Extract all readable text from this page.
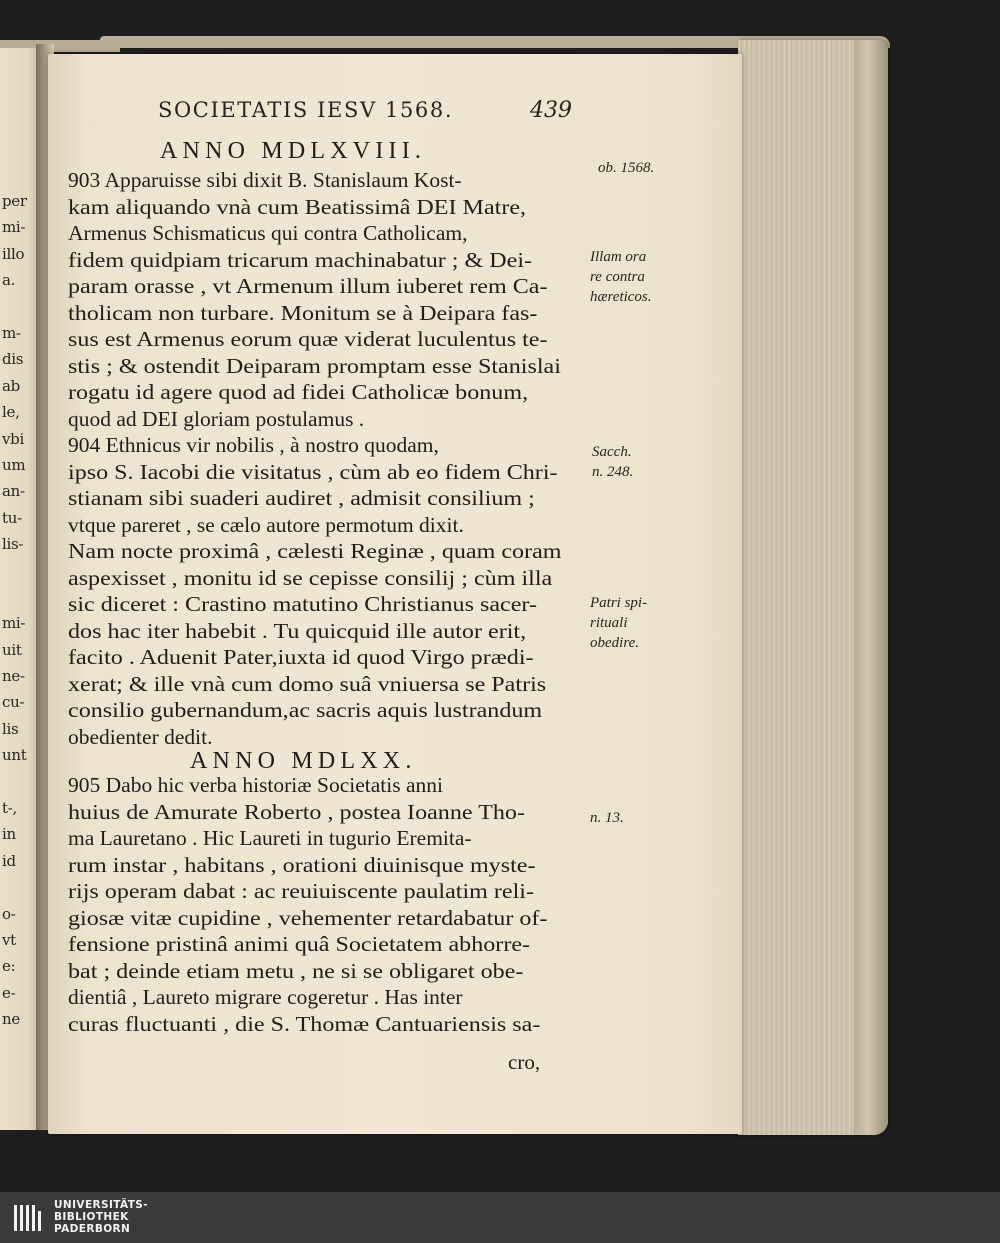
per
mi-
illo
a.
m-
dis
ab
le,
vbi
um
an-
tu-
lis-
mi-
uit
ne-
cu-
lis
unt
t-,
in
id
o-
vt
e:
e-
ne
SOCIETATIS IESV 1568.	439
ANNO MDLXVIII.
903 Apparuisse sibi dixit B. Stanislaum Kost-
kam aliquando vnà cum Beatissimâ DEI Matre,
Armenus Schismaticus qui contra Catholicam,
fidem quidpiam tricarum machinabatur ; & Dei-
param orasse , vt Armenum illum iuberet rem Ca-
tholicam non turbare. Monitum se à Deipara fas-
sus est Armenus eorum quæ viderat luculentus te-
stis ; & ostendit Deiparam promptam esse Stanislai
rogatu id agere quod ad fidei Catholicæ bonum,
quod ad DEI gloriam postulamus .
904 Ethnicus vir nobilis , à nostro quodam,
ipso S. Iacobi die visitatus , cùm ab eo fidem Chri-
stianam sibi suaderi audiret , admisit consilium ;
vtque pareret , se cælo autore permotum dixit.
Nam nocte proximâ , cælesti Reginæ , quam coram
aspexisset , monitu id se cepisse consilij ; cùm illa
sic diceret : Crastino matutino Christianus sacer-
dos hac iter habebit . Tu quicquid ille autor erit,
facito . Aduenit Pater,iuxta id quod Virgo prædi-
xerat; & ille vnà cum domo suâ vniuersa se Patris
consilio gubernandum,ac sacris aquis lustrandum
obedienter dedit.
ANNO MDLXX.
905 Dabo hic verba historiæ Societatis anni
huius de Amurate Roberto , postea Ioanne Tho-
ma Lauretano . Hic Laureti in tugurio Eremita-
rum instar , habitans , orationi diuinisque myste-
rijs operam dabat : ac reuiuiscente paulatim reli-
giosæ vitæ cupidine , vehementer retardabatur of-
fensione pristinâ animi quâ Societatem abhorre-
bat ; deinde etiam metu , ne si se obligaret obe-
dientiâ , Laureto migrare cogeretur . Has inter
curas fluctuanti , die S. Thomæ Cantuariensis sa-
ob. 1568.
Illam ora
re contra
hæreticos.
Sacch.
n. 248.
Patri spi-
rituali
obedire.
n. 13.
cro,
UNIVERSITÄTS-
BIBLIOTHEK
PADERBORN
